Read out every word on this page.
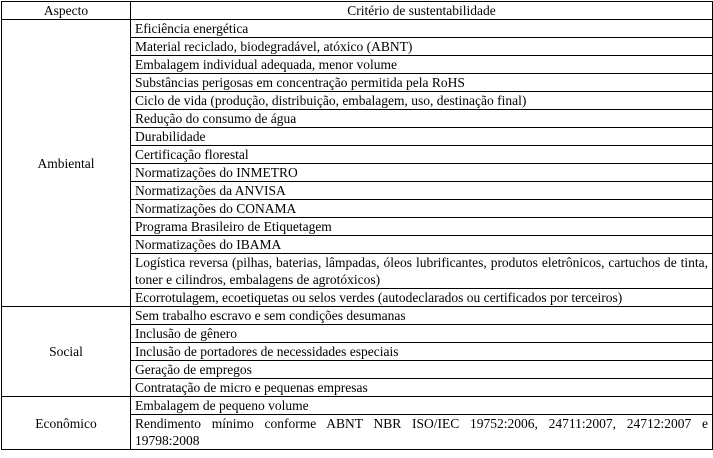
Aspecto	Critério de sustentabilidade
Ambiental	Eficiência energética
	Material reciclado, biodegradável, atóxico (ABNT)
	Embalagem individual adequada, menor volume
	Substâncias perigosas em concentração permitida pela RoHS
	Ciclo de vida (produção, distribuição, embalagem, uso, destinação final)
	Redução do consumo de água
	Durabilidade
	Certificação florestal
	Normatizações do INMETRO
	Normatizações da ANVISA
	Normatizações do CONAMA
	Programa Brasileiro de Etiquetagem
	Normatizações do IBAMA
	Logística reversa (pilhas, baterias, lâmpadas, óleos lubrificantes, produtos eletrônicos, cartuchos de tinta, toner e cilindros, embalagens de agrotóxicos)
	Ecorrotulagem, ecoetiquetas ou selos verdes (autodeclarados ou certificados por terceiros)
Social	Sem trabalho escravo e sem condições desumanas
	Inclusão de gênero
	Inclusão de portadores de necessidades especiais
	Geração de empregos
	Contratação de micro e pequenas empresas
Econômico	Embalagem de pequeno volume
	Rendimento mínimo conforme ABNT NBR ISO/IEC 19752:2006, 24711:2007, 24712:2007 e 19798:2008
